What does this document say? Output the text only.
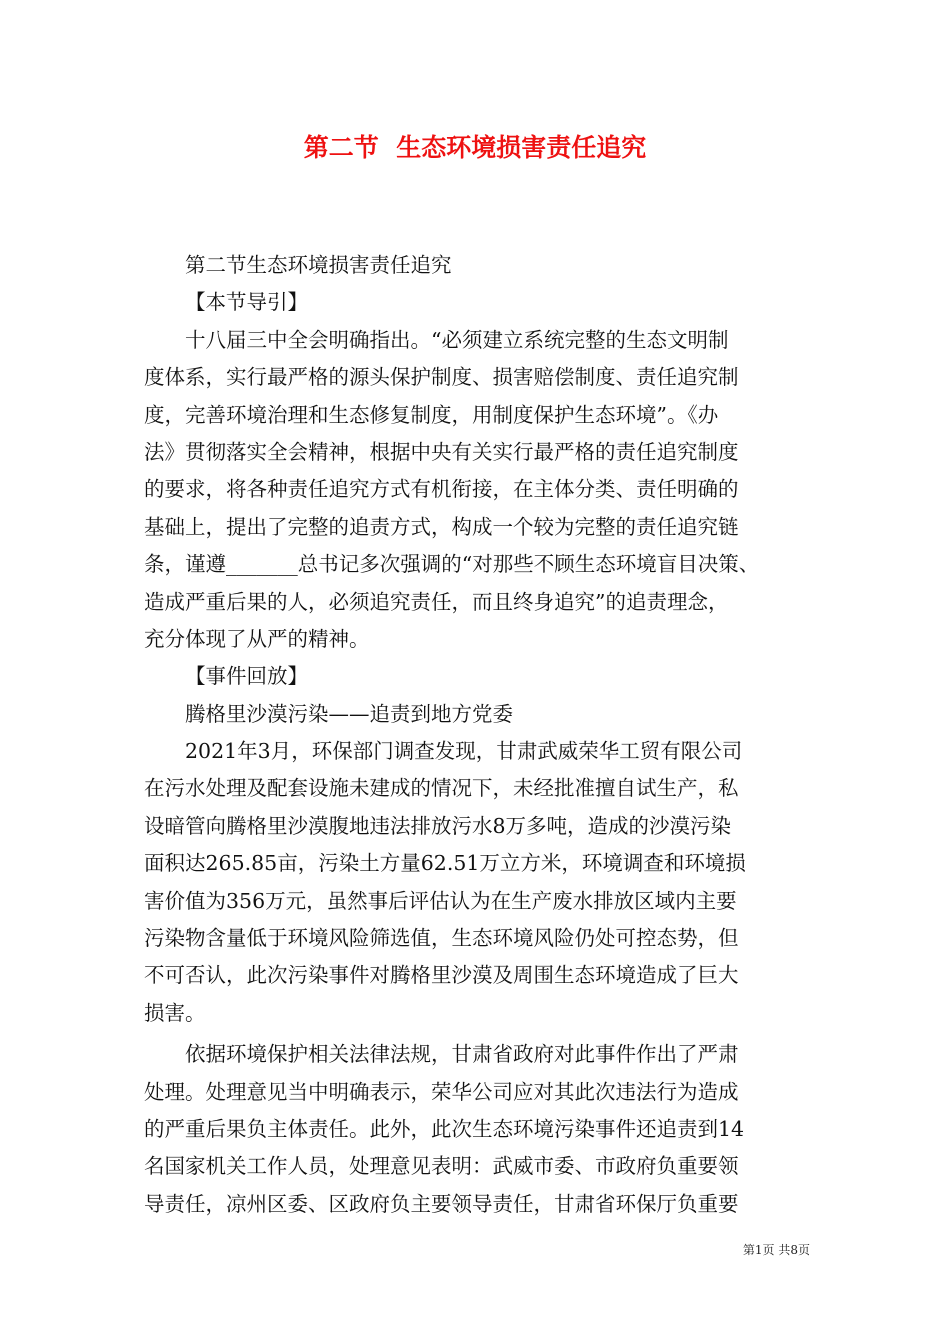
第二节  生态环境损害责任追究
第二节生态环境损害责任追究
【本节导引】
十八届三中全会明确指出。“必须建立系统完整的生态文明制
度体系，实行最严格的源头保护制度、损害赔偿制度、责任追究制
度，完善环境治理和生态修复制度，用制度保护生态环境”。《办
法》贯彻落实全会精神，根据中央有关实行最严格的责任追究制度
的要求，将各种责任追究方式有机衔接，在主体分类、责任明确的
基础上，提出了完整的追责方式，构成一个较为完整的责任追究链
条，谨遵_______总书记多次强调的“对那些不顾生态环境盲目决策、
造成严重后果的人，必须追究责任，而且终身追究”的追责理念，
充分体现了从严的精神。
【事件回放】
腾格里沙漠污染——追责到地方党委
2021年3月，环保部门调查发现，甘肃武威荣华工贸有限公司
在污水处理及配套设施未建成的情况下，未经批准擅自试生产，私
设暗管向腾格里沙漠腹地违法排放污水8万多吨，造成的沙漠污染
面积达265.85亩，污染土方量62.51万立方米，环境调查和环境损
害价值为356万元，虽然事后评估认为在生产废水排放区域内主要
污染物含量低于环境风险筛选值，生态环境风险仍处可控态势，但
不可否认，此次污染事件对腾格里沙漠及周围生态环境造成了巨大
损害。
依据环境保护相关法律法规，甘肃省政府对此事件作出了严肃
处理。处理意见当中明确表示，荣华公司应对其此次违法行为造成
的严重后果负主体责任。此外，此次生态环境污染事件还追责到14
名国家机关工作人员，处理意见表明：武威市委、市政府负重要领
导责任，凉州区委、区政府负主要领导责任，甘肃省环保厅负重要
第1页 共8页
